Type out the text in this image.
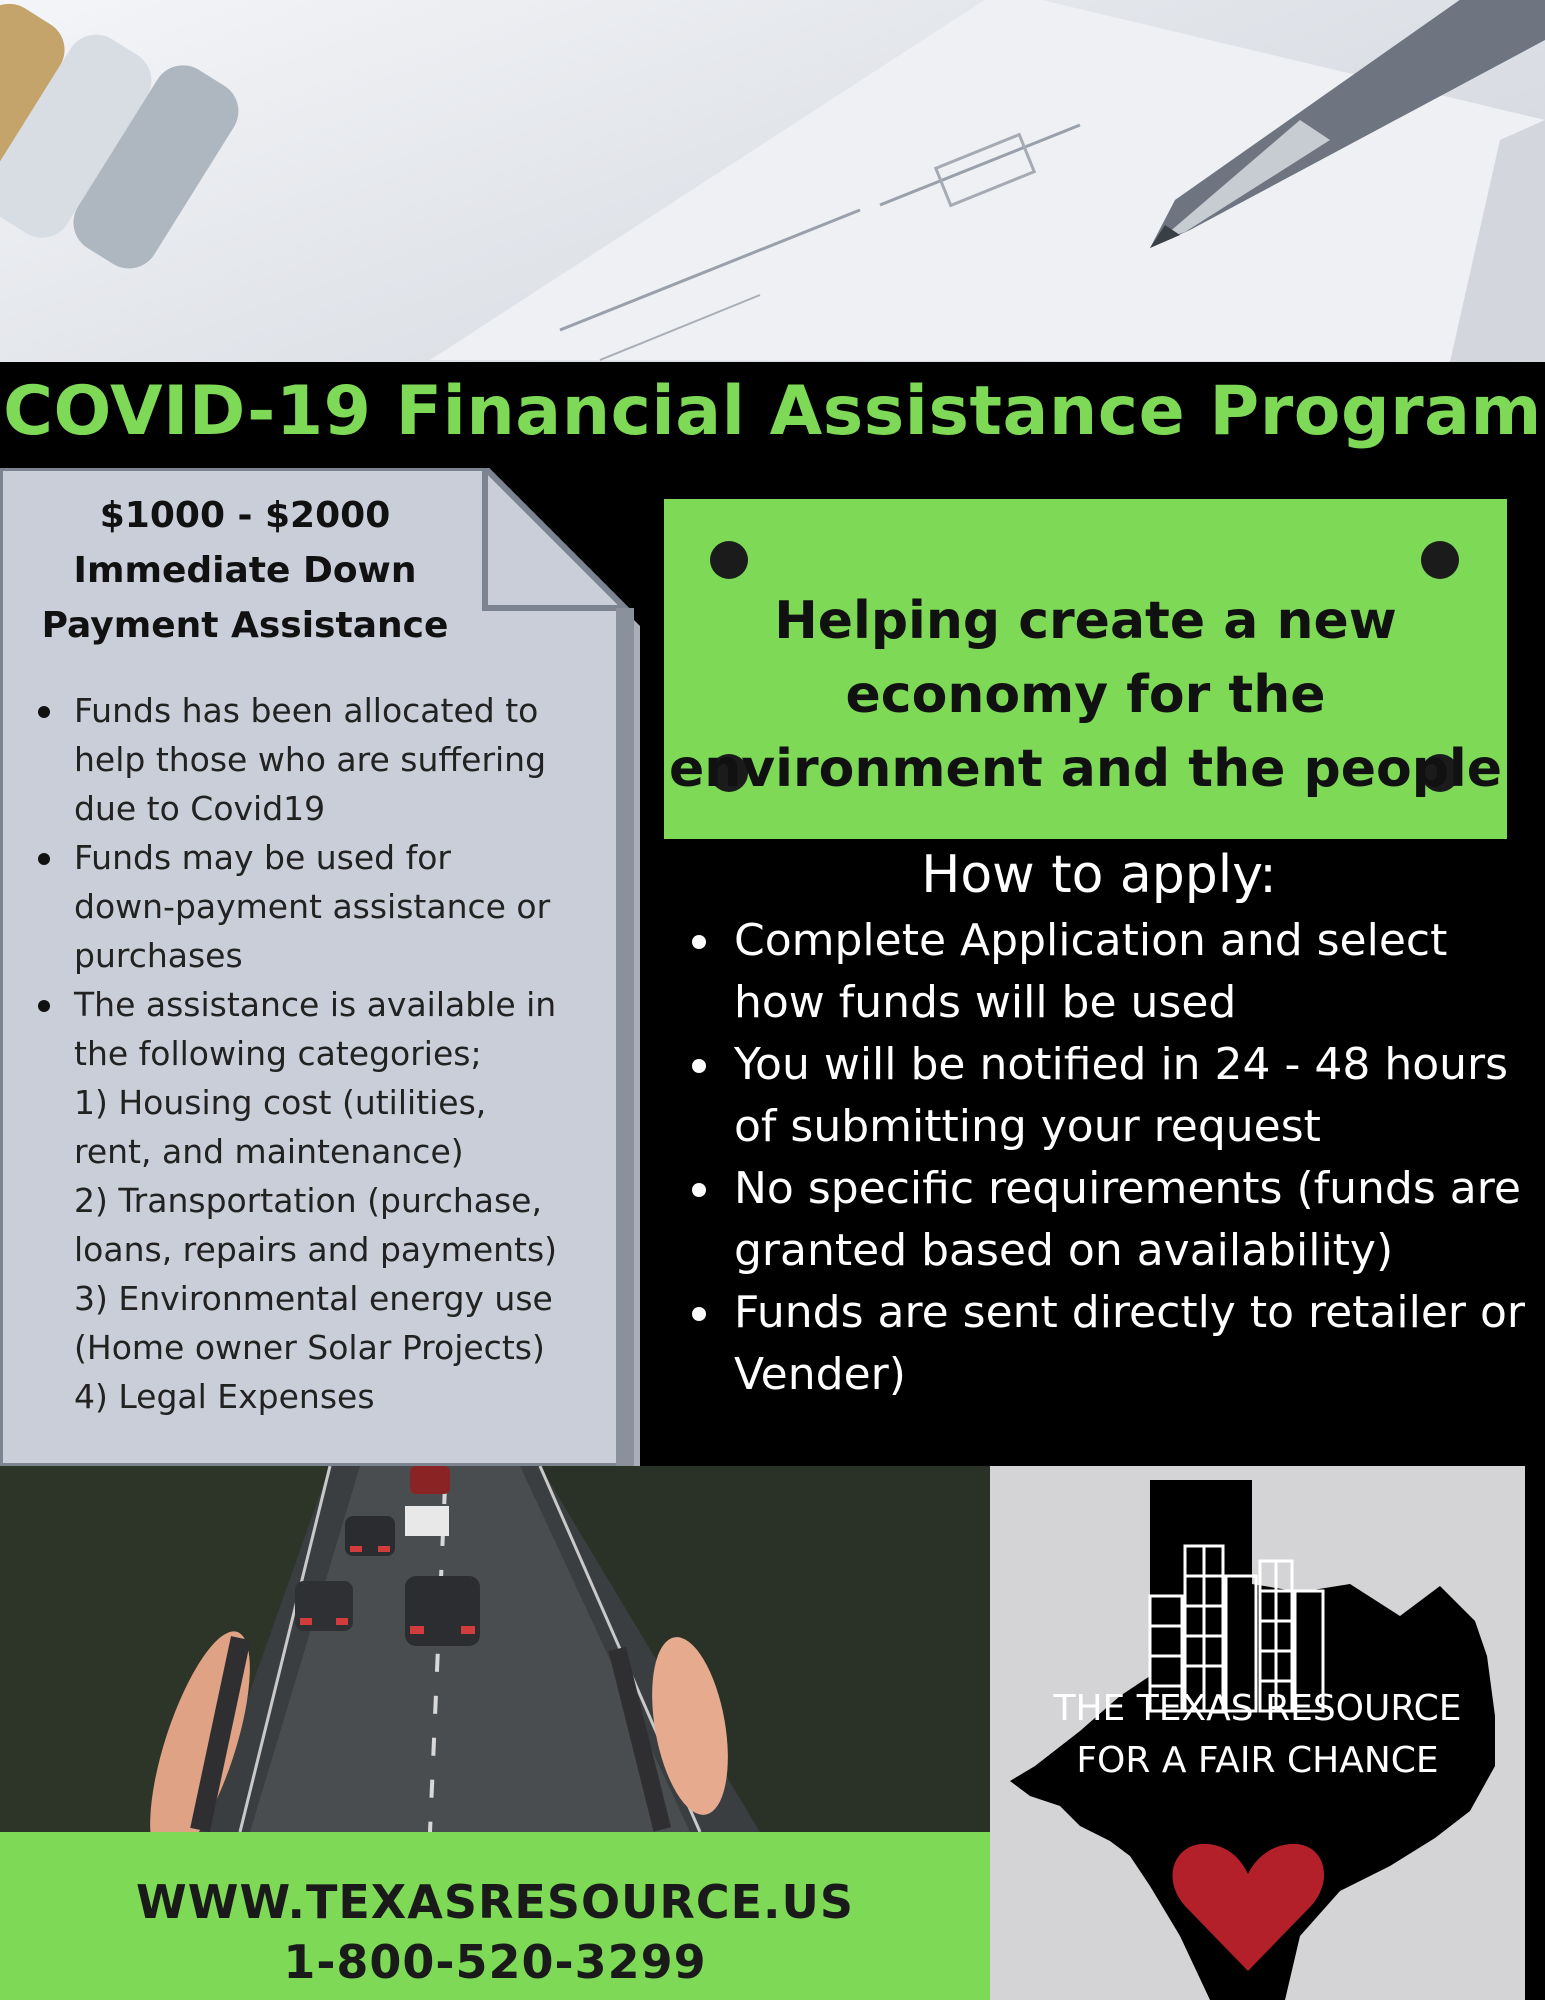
COVID-19 Financial Assistance Program
$1000 - $2000 Immediate Down Payment Assistance
Funds has been allocated to help those who are suffering due to Covid19
Funds may be used for down-payment assistance or purchases
The assistance is available in the following categories;
1) Housing cost (utilities, rent, and maintenance)
2) Transportation (purchase, loans, repairs and payments)
3) Environmental energy use (Home owner Solar Projects)
4) Legal Expenses
Helping create a new economy for the environment and the people
How to apply:
Complete Application and select how funds will be used
You will be notified in 24 - 48 hours of submitting your request
No specific requirements (funds are granted based on availability)
Funds are sent directly to retailer or Vender)
WWW.TEXASRESOURCE.US
1-800-520-3299
THE TEXAS RESOURCE
FOR A FAIR CHANCE
